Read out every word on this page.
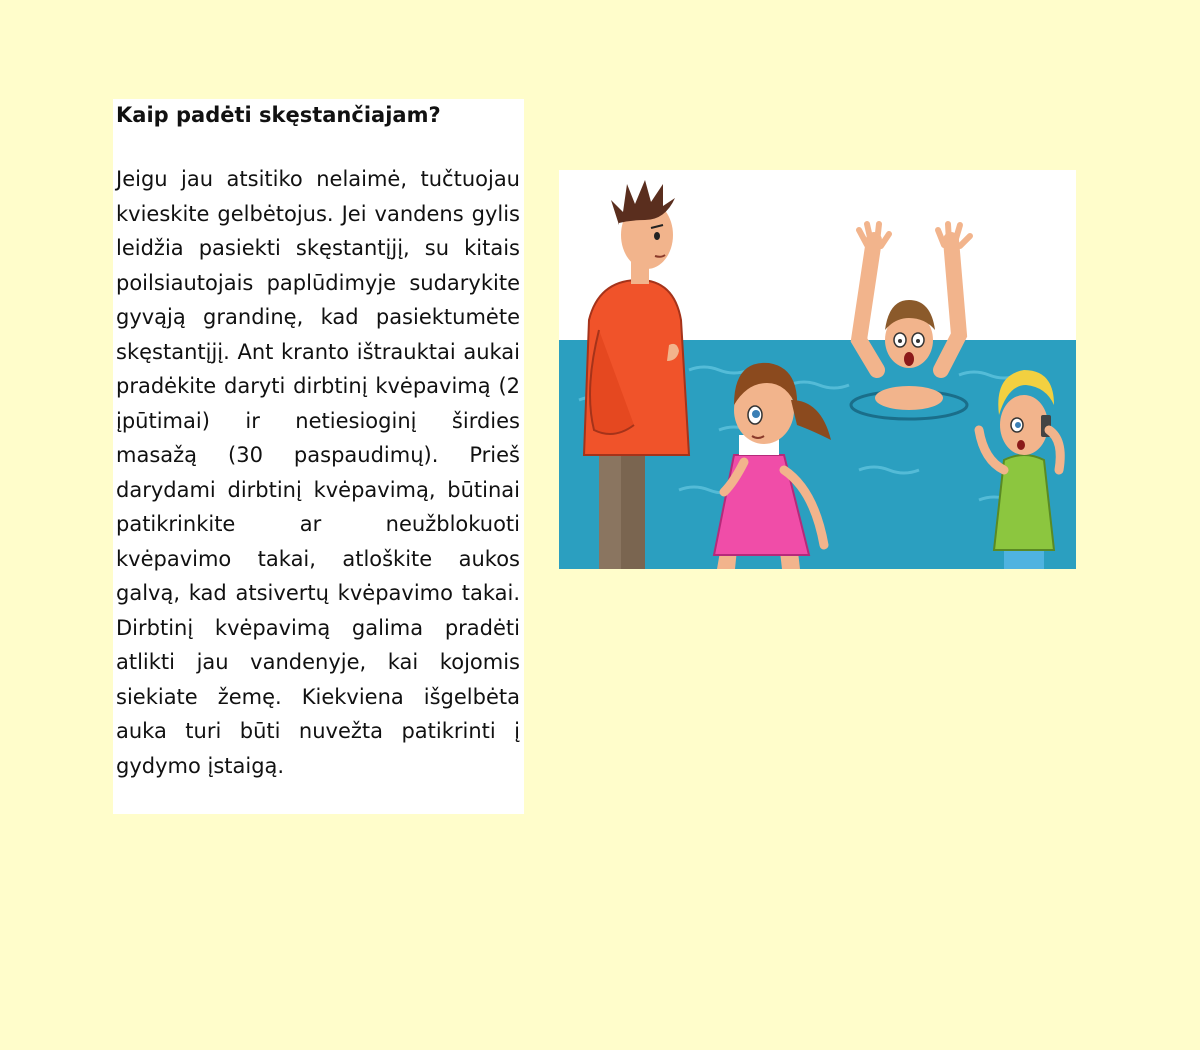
Kaip padėti skęstančiajam?

Jeigu jau atsitiko nelaimė, tučtuojau kvieskite gelbėtojus. Jei vandens gylis leidžia pasiekti skęstantįjį, su kitais poilsiautojais paplūdimyje sudarykite gyvąją grandinę, kad pasiektumėte skęstantįjį. Ant kranto ištrauktai aukai pradėkite daryti dirbtinį kvėpavimą (2 įpūtimai) ir netiesioginį širdies masažą (30 paspaudimų). Prieš darydami dirbtinį kvėpavimą, būtinai patikrinkite ar neužblokuoti kvėpavimo takai, atloškite aukos galvą, kad atsivertų kvėpavimo takai. Dirbtinį kvėpavimą galima pradėti atlikti jau vandenyje, kai kojomis siekiate žemę. Kiekviena išgelbėta auka turi būti nuvežta patikrinti į gydymo įstaigą.
